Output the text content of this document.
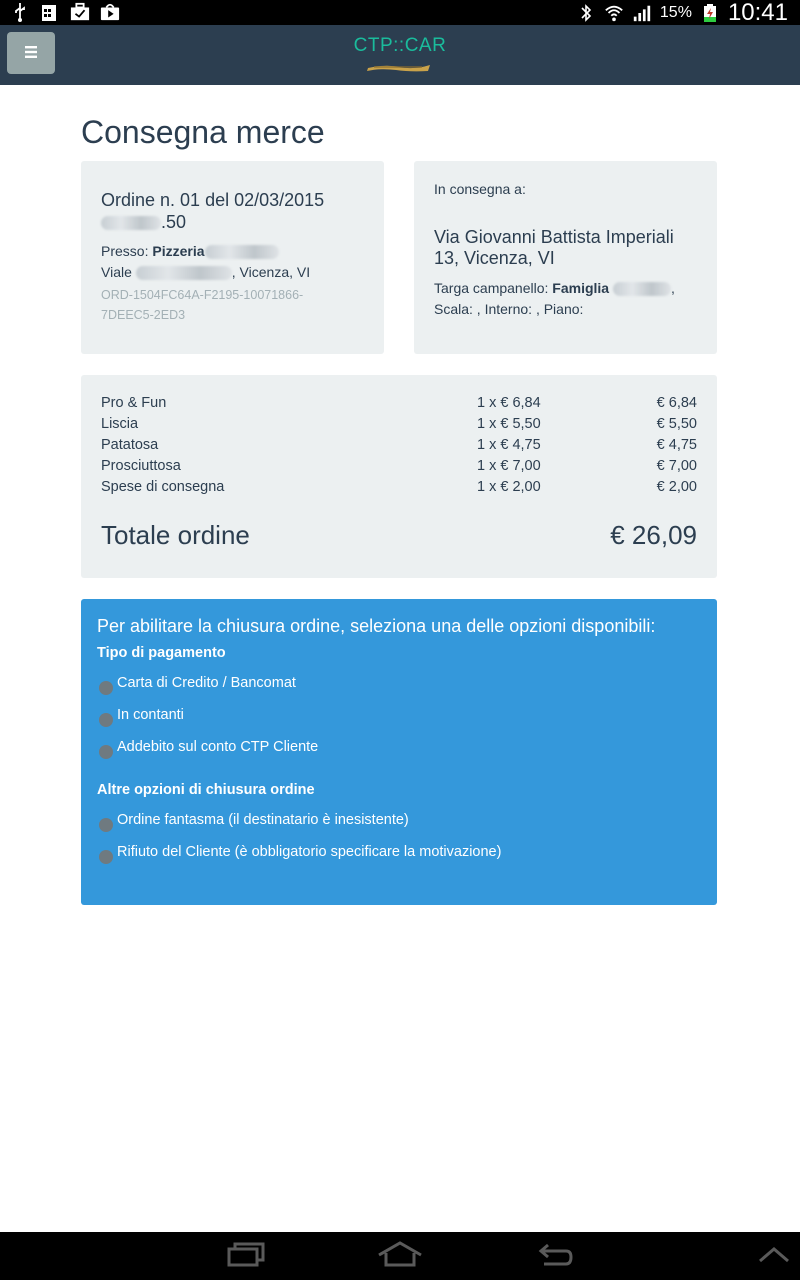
15% 10:41
CTP::CAR
Consegna merce
Ordine n. 01 del 02/03/2015
.50
Presso: Pizzeria
Viale	, Vicenza, VI
ORD-1504FC64A-F2195-10071866-
7DEEC5-2ED3
In consegna a:
Via Giovanni Battista Imperiali
13, Vicenza, VI
Targa campanello: Famiglia	,
Scala: , Interno: , Piano:
Pro & Fun	1 x € 6,84	€ 6,84
Liscia	1 x € 5,50	€ 5,50
Patatosa	1 x € 4,75	€ 4,75
Prosciuttosa	1 x € 7,00	€ 7,00
Spese di consegna	1 x € 2,00	€ 2,00
Totale ordine	€ 26,09
Per abilitare la chiusura ordine, seleziona una delle opzioni disponibili:
Tipo di pagamento
Carta di Credito / Bancomat
In contanti
Addebito sul conto CTP Cliente
Altre opzioni di chiusura ordine
Ordine fantasma (il destinatario è inesistente)
Rifiuto del Cliente (è obbligatorio specificare la motivazione)
